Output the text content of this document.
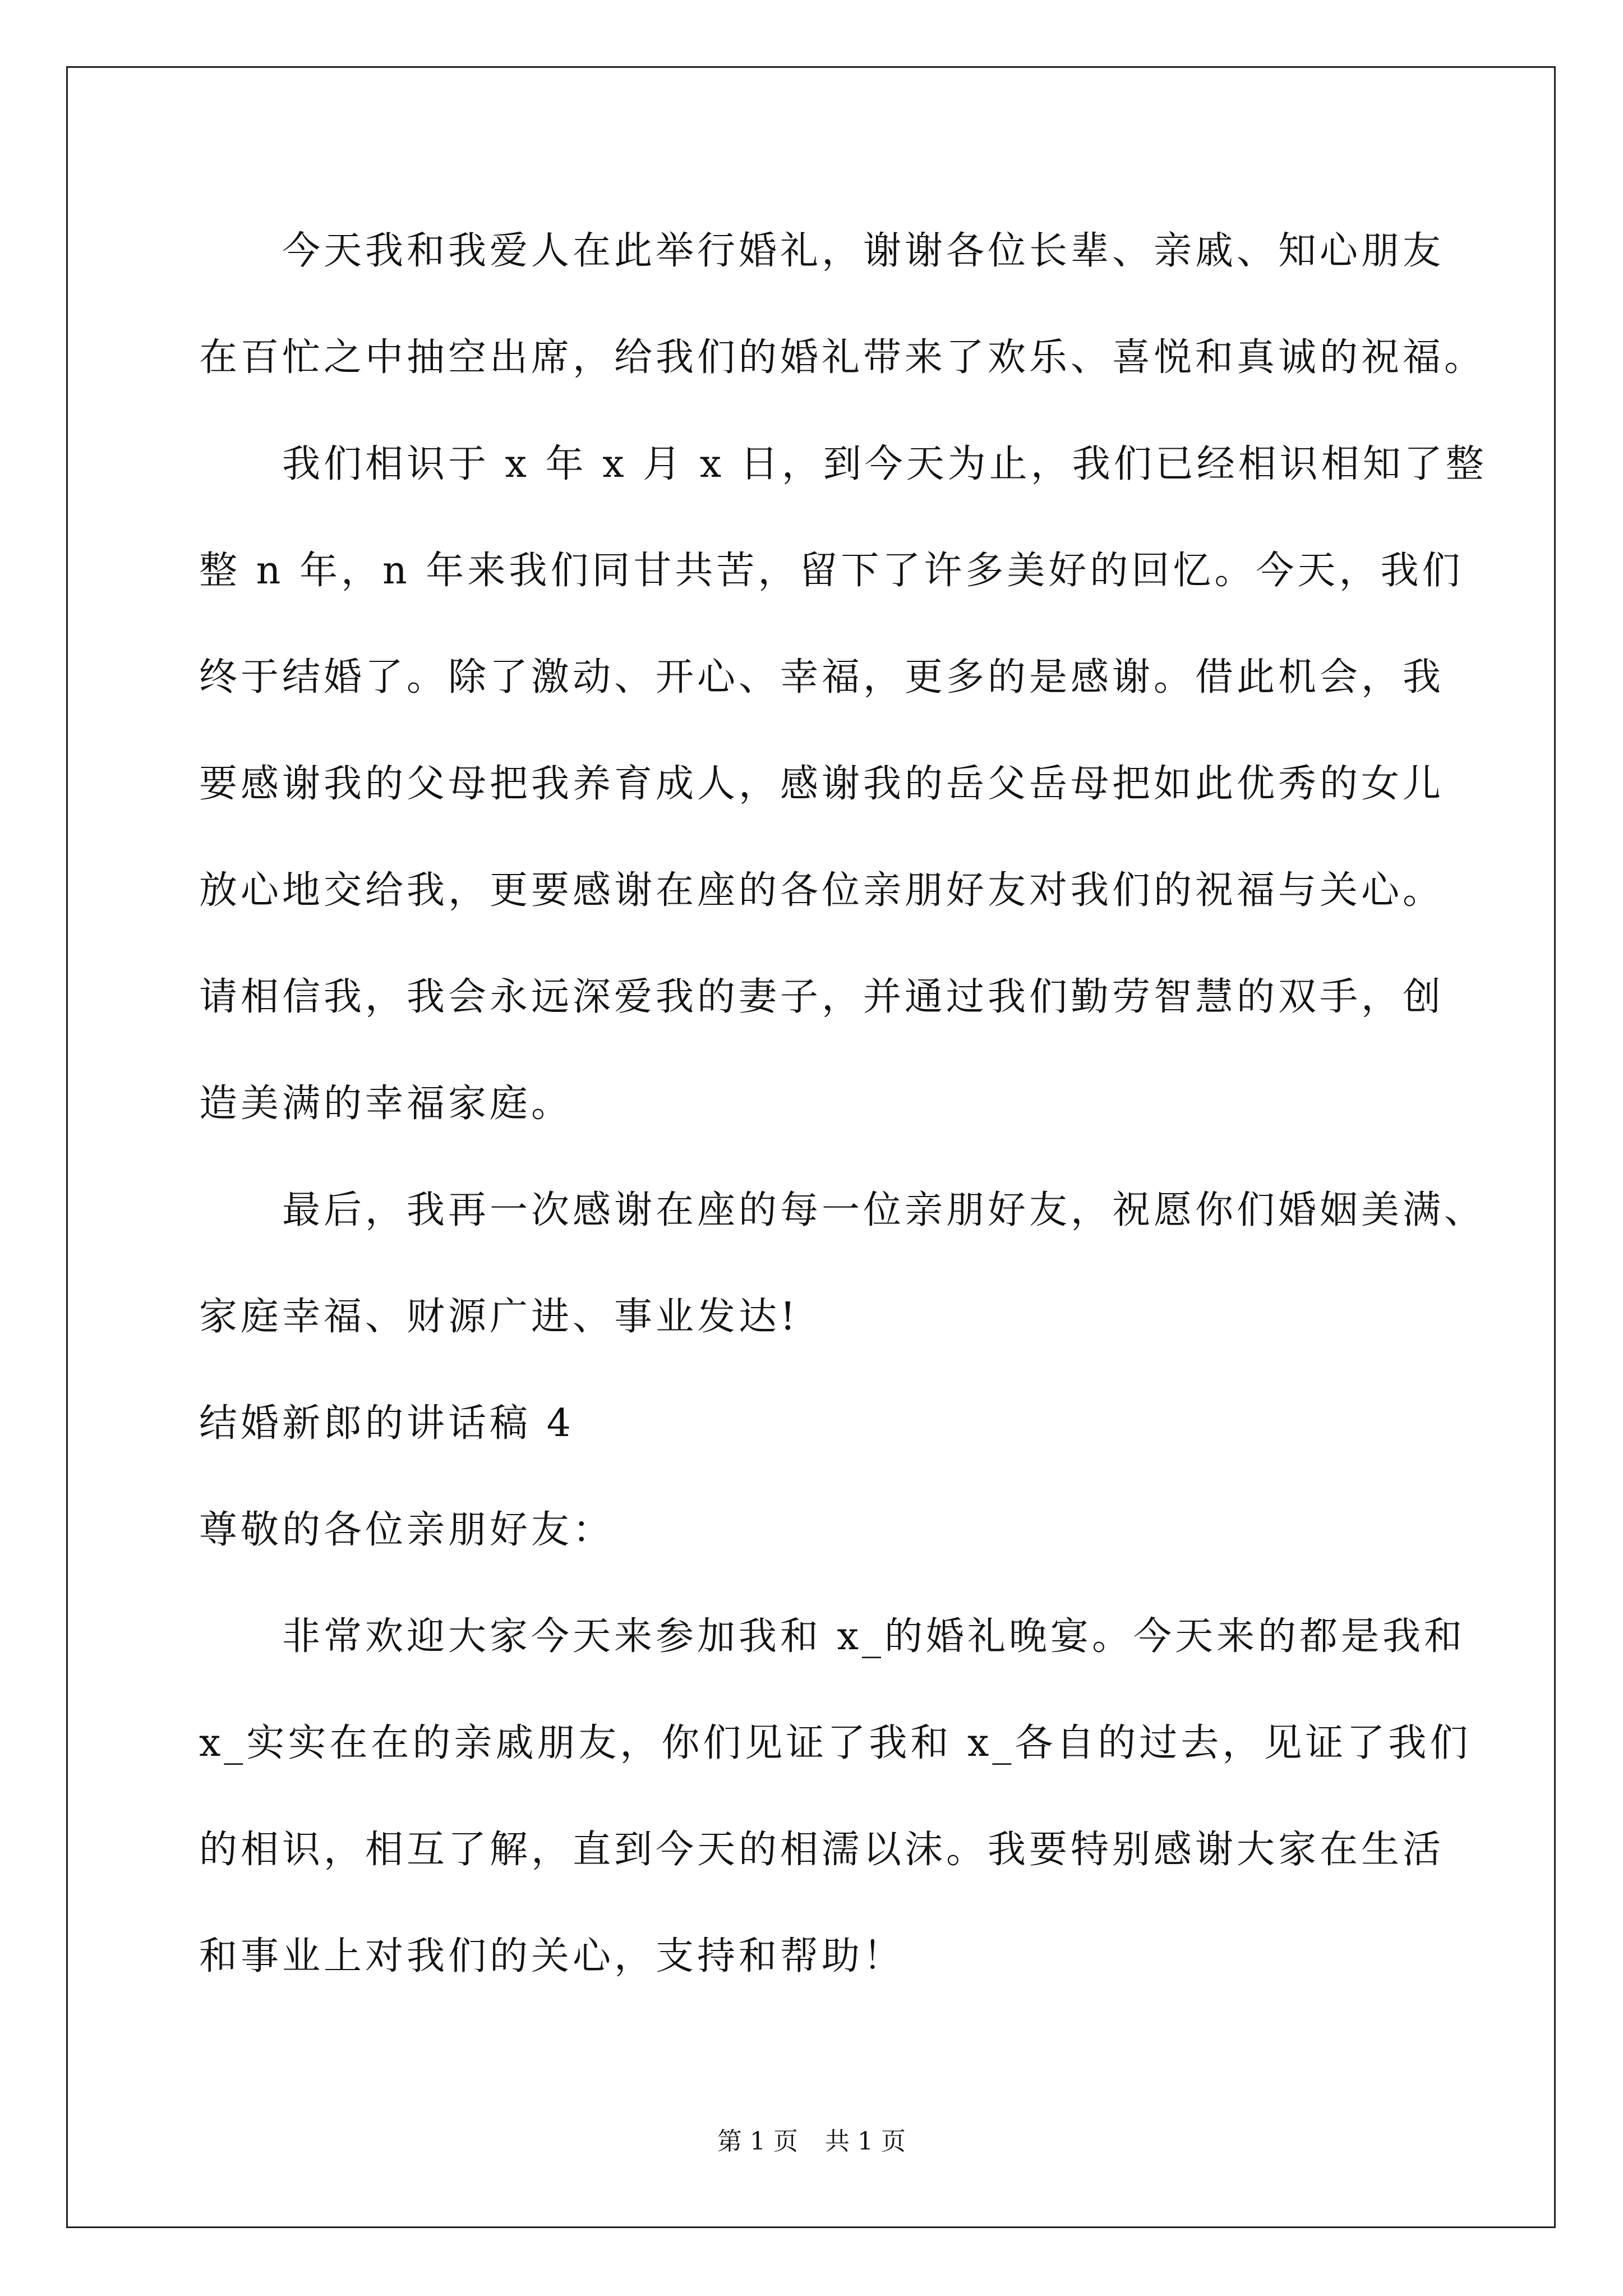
今天我和我爱人在此举行婚礼，谢谢各位长辈、亲戚、知心朋友
在百忙之中抽空出席，给我们的婚礼带来了欢乐、喜悦和真诚的祝福。
我们相识于 x 年 x 月 x 日，到今天为止，我们已经相识相知了整
整 n 年，n 年来我们同甘共苦，留下了许多美好的回忆。今天，我们
终于结婚了。除了激动、开心、幸福，更多的是感谢。借此机会，我
要感谢我的父母把我养育成人，感谢我的岳父岳母把如此优秀的女儿
放心地交给我，更要感谢在座的各位亲朋好友对我们的祝福与关心。
请相信我，我会永远深爱我的妻子，并通过我们勤劳智慧的双手，创
造美满的幸福家庭。
最后，我再一次感谢在座的每一位亲朋好友，祝愿你们婚姻美满、
家庭幸福、财源广进、事业发达!
结婚新郎的讲话稿 4
尊敬的各位亲朋好友：
非常欢迎大家今天来参加我和 x_的婚礼晚宴。今天来的都是我和
x_实实在在的亲戚朋友，你们见证了我和 x_各自的过去，见证了我们
的相识，相互了解，直到今天的相濡以沫。我要特别感谢大家在生活
和事业上对我们的关心，支持和帮助！
第 1 页 共 1 页
